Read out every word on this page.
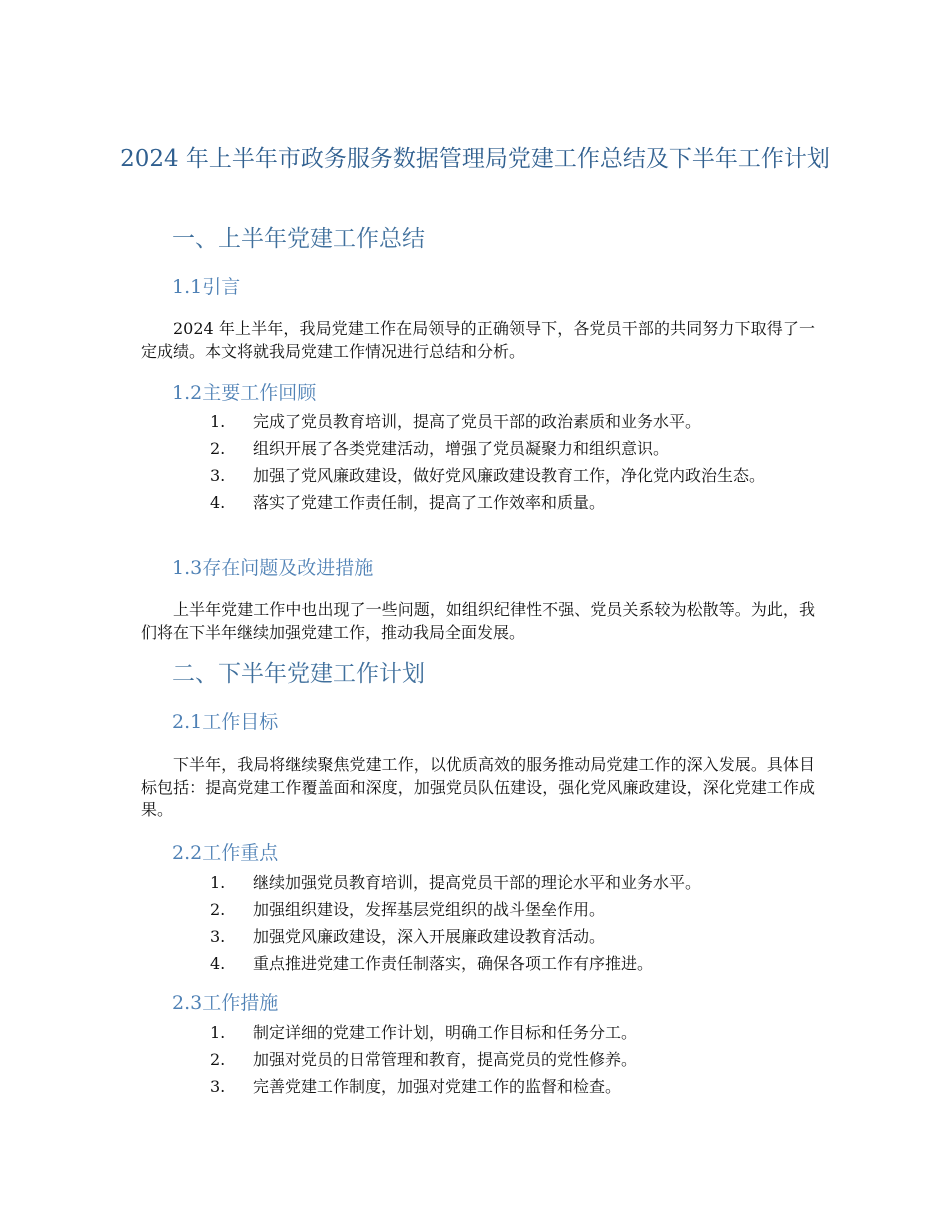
2024 年上半年市政务服务数据管理局党建工作总结及下半年工作计划
一、上半年党建工作总结
1.1引言

2024 年上半年，我局党建工作在局领导的正确领导下，各党员干部的共同努力下取得了一定成绩。本文将就我局党建工作情况进行总结和分析。

1.2主要工作回顾
1. 完成了党员教育培训，提高了党员干部的政治素质和业务水平。
2. 组织开展了各类党建活动，增强了党员凝聚力和组织意识。
3. 加强了党风廉政建设，做好党风廉政建设教育工作，净化党内政治生态。
4. 落实了党建工作责任制，提高了工作效率和质量。
1.3存在问题及改进措施

上半年党建工作中也出现了一些问题，如组织纪律性不强、党员关系较为松散等。为此，我们将在下半年继续加强党建工作，推动我局全面发展。

二、下半年党建工作计划
2.1工作目标

下半年，我局将继续聚焦党建工作，以优质高效的服务推动局党建工作的深入发展。具体目标包括：提高党建工作覆盖面和深度，加强党员队伍建设，强化党风廉政建设，深化党建工作成果。

2.2工作重点
1. 继续加强党员教育培训，提高党员干部的理论水平和业务水平。
2. 加强组织建设，发挥基层党组织的战斗堡垒作用。
3. 加强党风廉政建设，深入开展廉政建设教育活动。
4. 重点推进党建工作责任制落实，确保各项工作有序推进。
2.3工作措施
1. 制定详细的党建工作计划，明确工作目标和任务分工。
2. 加强对党员的日常管理和教育，提高党员的党性修养。
3. 完善党建工作制度，加强对党建工作的监督和检查。
